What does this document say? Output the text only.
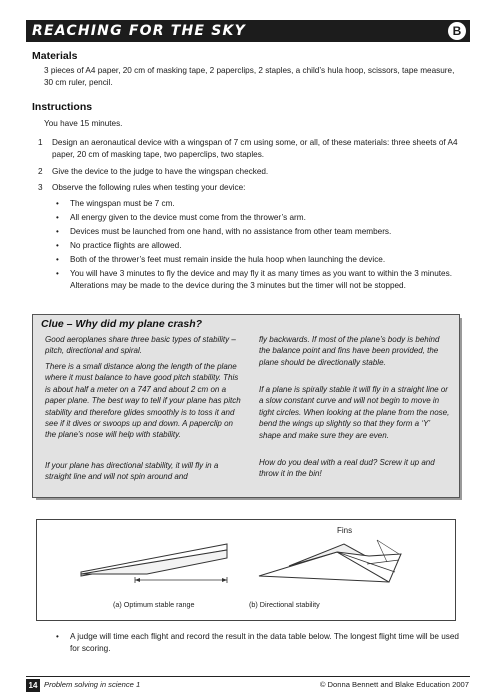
REACHING FOR THE SKY	B
Materials
3 pieces of A4 paper, 20 cm of masking tape, 2 paperclips, 2 staples, a child’s hula hoop, scissors, tape measure, 30 cm ruler, pencil.
Instructions
You have 15 minutes.
1 Design an aeronautical device with a wingspan of 7 cm using some, or all, of these materials: three sheets of A4 paper, 20 cm of masking tape, two paperclips, two staples.
2 Give the device to the judge to have the wingspan checked.
3 Observe the following rules when testing your device:
• The wingspan must be 7 cm.
• All energy given to the device must come from the thrower’s arm.
• Devices must be launched from one hand, with no assistance from other team members.
• No practice flights are allowed.
• Both of the thrower’s feet must remain inside the hula hoop when launching the device.
• You will have 3 minutes to fly the device and may fly it as many times as you want to within the 3 minutes. Alterations may be made to the device during the 3 minutes but the timer will not be stopped.
Clue – Why did my plane crash?
Good aeroplanes share three basic types of stability – pitch, directional and spiral.
There is a small distance along the length of the plane where it must balance to have good pitch stability. This is about half a meter on a 747 and about 2 cm on a paper plane. The best way to tell if your plane has pitch stability and therefore glides smoothly is to toss it and see if it dives or swoops up and down. A paperclip on the plane’s nose will help with stability.
If your plane has directional stability, it will fly in a straight line and will not spin around and
fly backwards. If most of the plane’s body is behind the balance point and fins have been provided, the plane should be directionally stable.
If a plane is spirally stable it will fly in a straight line or a slow constant curve and will not begin to move in tight circles. When looking at the plane from the nose, bend the wings up slightly so that they form a ‘Y’ shape and make sure they are even.
How do you deal with a real dud? Screw it up and throw it in the bin!
Fins
(a) Optimum stable range	(b) Directional stability
• A judge will time each flight and record the result in the data table below. The longest flight time will be used for scoring.
14 Problem solving in science 1	© Donna Bennett and Blake Education 2007
